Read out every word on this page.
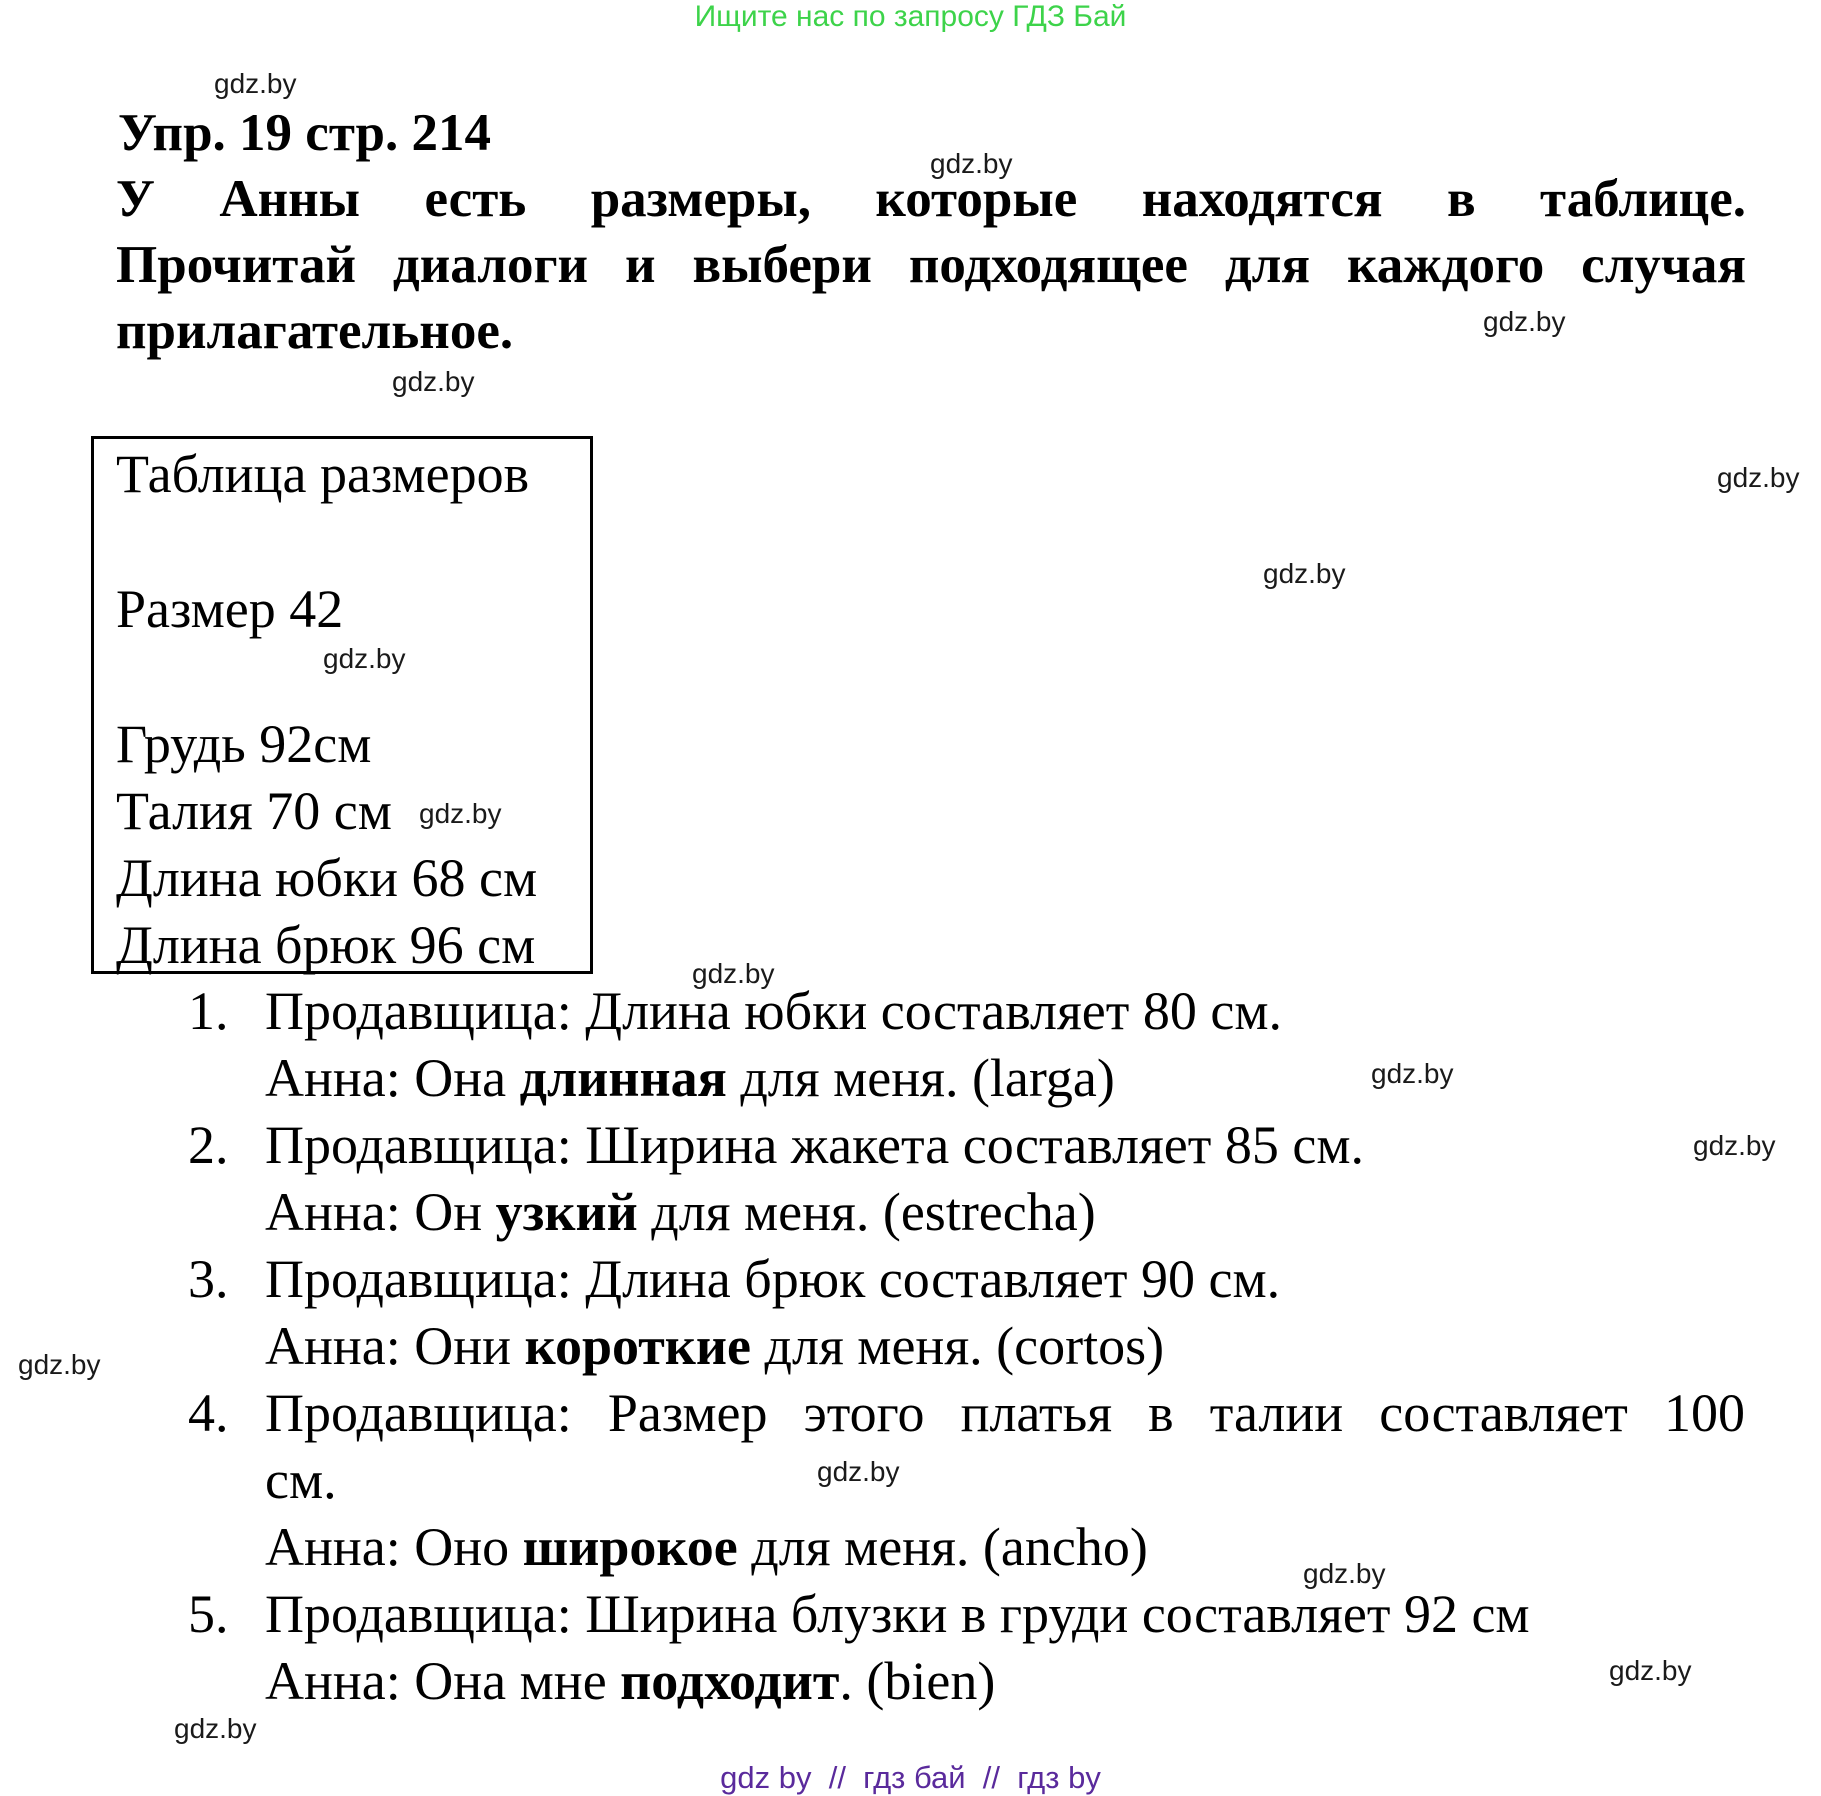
Ищите нас по запросу ГДЗ Бай
gdz.by
gdz.by
gdz.by
gdz.by
gdz.by
gdz.by
gdz.by
gdz.by
gdz.by
gdz.by
gdz.by
gdz.by
gdz.by
gdz.by
gdz.by
gdz.by
Упр. 19 стр. 214
У Анны есть размеры, которые находятся в таблице.
Прочитай диалоги и выбери подходящее для каждого случая
прилагательное.
Таблица размеров
Размер 42
Грудь 92см
Талия 70 см
Длина юбки 68 см
Длина брюк 96 см
1. Продавщица: Длина юбки составляет 80 см.
Анна: Она длинная для меня. (larga)
2. Продавщица: Ширина жакета составляет 85 см.
Анна: Он узкий для меня. (estrecha)
3. Продавщица: Длина брюк составляет 90 см.
Анна: Они короткие для меня. (cortos)
4. Продавщица: Размер этого платья в талии составляет 100
см.
Анна: Оно широкое для меня. (ancho)
5. Продавщица: Ширина блузки в груди составляет 92 см
Анна: Она мне подходит. (bien)
gdz by  //  гдз бай  //  гдз by
